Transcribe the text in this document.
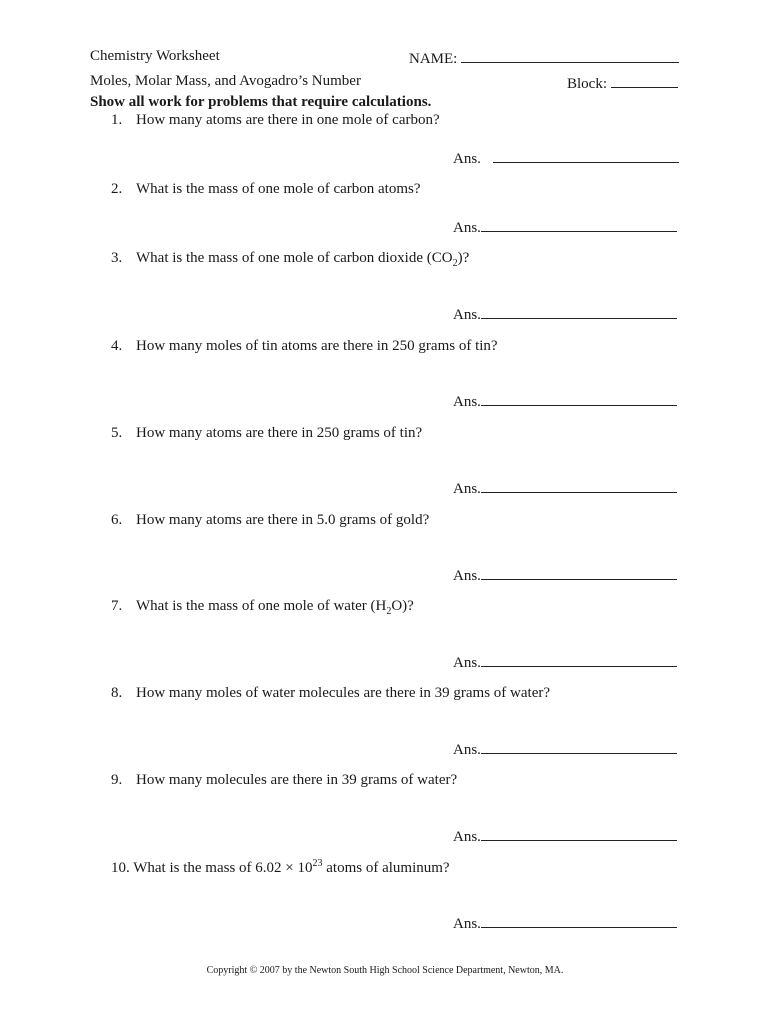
Chemistry Worksheet	NAME:
Moles, Molar Mass, and Avogadro’s Number	Block:
Show all work for problems that require calculations.
1. How many atoms are there in one mole of carbon?
Ans.
2. What is the mass of one mole of carbon atoms?
Ans.
3. What is the mass of one mole of carbon dioxide $(CO_2)$?
Ans.
4. How many moles of tin atoms are there in 250 grams of tin?
Ans.
5. How many atoms are there in 250 grams of tin?
Ans.
6. How many atoms are there in 5.0 grams of gold?
Ans.
7. What is the mass of one mole of water $(H_2O)$?
Ans.
8. How many moles of water molecules are there in 39 grams of water?
Ans.
9. How many molecules are there in 39 grams of water?
Ans.
10. What is the mass of $6.02 \times 10^{23}$ atoms of aluminum?
Ans.
Copyright © 2007 by the Newton South High School Science Department, Newton, MA.
